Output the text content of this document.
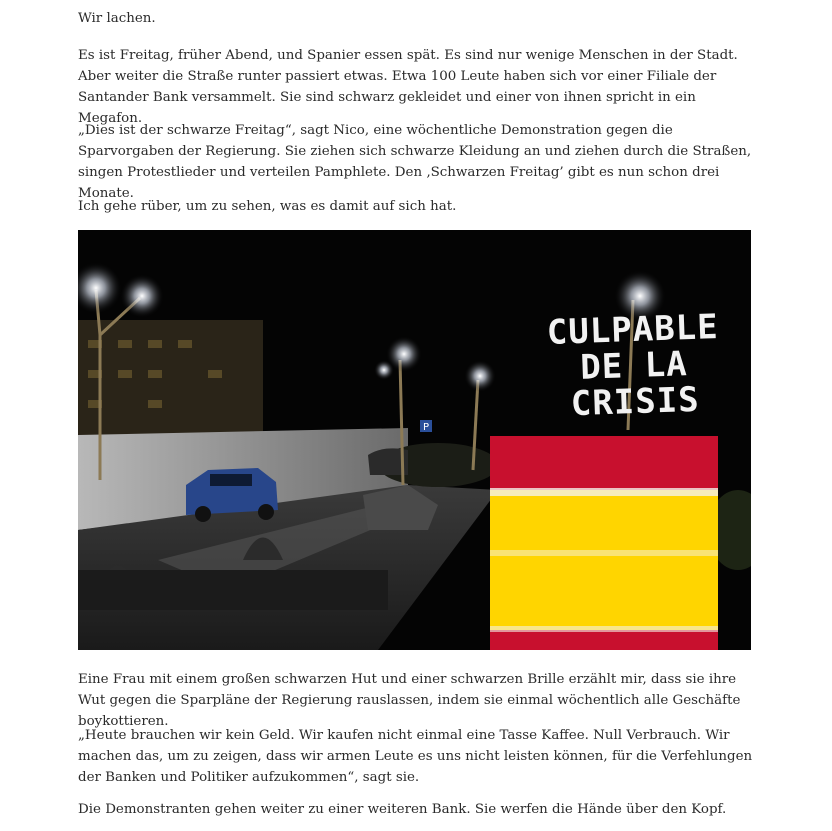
Wir lachen.

Es ist Freitag, früher Abend, und Spanier essen spät. Es sind nur wenige Menschen in der Stadt. Aber weiter die Straße runter passiert etwas. Etwa 100 Leute haben sich vor einer Filiale der Santander Bank versammelt. Sie sind schwarz gekleidet und einer von ihnen spricht in ein Megafon.

„Dies ist der schwarze Freitag“, sagt Nico, eine wöchentliche Demonstration gegen die Sparvorgaben der Regierung. Sie ziehen sich schwarze Kleidung an und ziehen durch die Straßen, singen Protestlieder und verteilen Pamphlete. Den ‚Schwarzen Freitag’ gibt es nun schon drei Monate.

Ich gehe rüber, um zu sehen, was es damit auf sich hat.

Eine Frau mit einem großen schwarzen Hut und einer schwarzen Brille erzählt mir, dass sie ihre Wut gegen die Sparpläne der Regierung rauslassen, indem sie einmal wöchentlich alle Geschäfte boykottieren.

„Heute brauchen wir kein Geld. Wir kaufen nicht einmal eine Tasse Kaffee. Null Verbrauch. Wir machen das, um zu zeigen, dass wir armen Leute es uns nicht leisten können, für die Verfehlungen der Banken und Politiker aufzukommen“, sagt sie.

Die Demonstranten gehen weiter zu einer weiteren Bank. Sie werfen die Hände über den Kopf.

P
CULPABLE
DE LA
CRISIS
